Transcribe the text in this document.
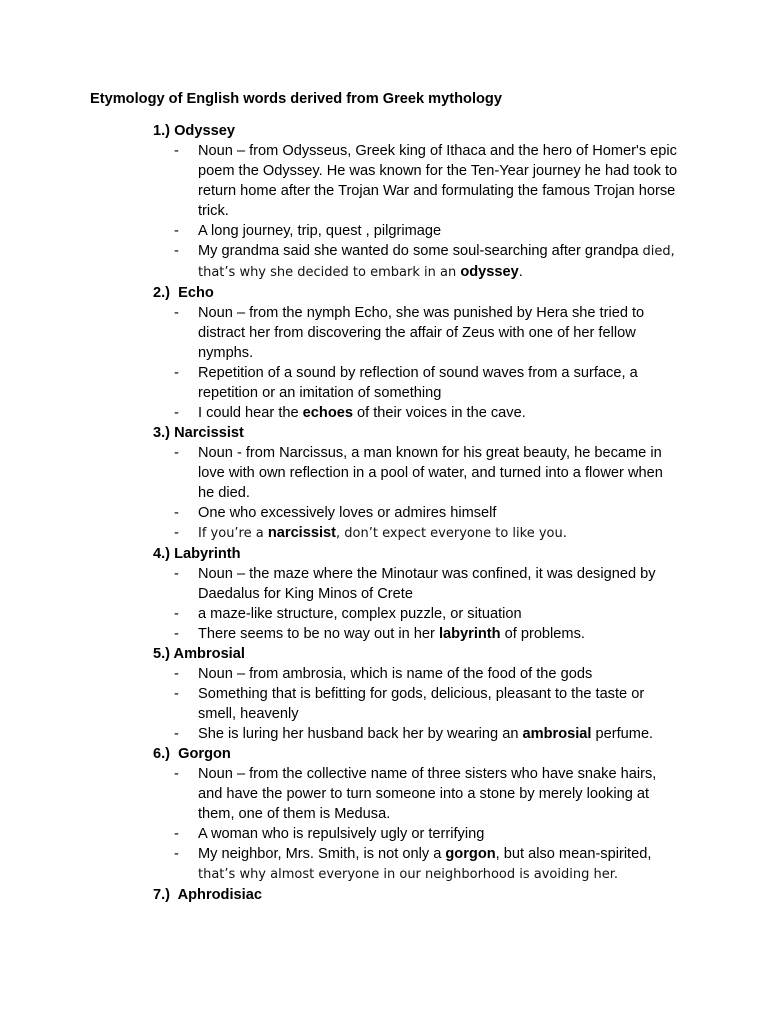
Etymology of English words derived from Greek mythology
1.) Odyssey
- Noun – from Odysseus, Greek king of Ithaca and the hero of Homer's epic poem the Odyssey. He was known for the Ten-Year journey he had took to return home after the Trojan War and formulating the famous Trojan horse trick.
- A long journey, trip, quest , pilgrimage
- My grandma said she wanted do some soul-searching after grandpa died, that’s why she decided to embark in an odyssey.
2.)  Echo
- Noun – from the nymph Echo, she was punished by Hera she tried to distract her from discovering the affair of Zeus with one of her fellow nymphs.
- Repetition of a sound by reflection of sound waves from a surface, a repetition or an imitation of something
- I could hear the echoes of their voices in the cave.
3.) Narcissist
- Noun - from Narcissus, a man known for his great beauty, he became in love with own reflection in a pool of water, and turned into a flower when he died.
- One who excessively loves or admires himself
- If you’re a narcissist, don’t expect everyone to like you.
4.) Labyrinth
- Noun – the maze where the Minotaur was confined, it was designed by Daedalus for King Minos of Crete
- a maze-like structure, complex puzzle, or situation
- There seems to be no way out in her labyrinth of problems.
5.) Ambrosial
- Noun – from ambrosia, which is name of the food of the gods
- Something that is befitting for gods, delicious, pleasant to the taste or smell, heavenly
- She is luring her husband back her by wearing an ambrosial perfume.
6.)  Gorgon
- Noun – from the collective name of three sisters who have snake hairs, and have the power to turn someone into a stone by merely looking at them, one of them is Medusa.
- A woman who is repulsively ugly or terrifying
- My neighbor, Mrs. Smith, is not only a gorgon, but also mean-spirited, that’s why almost everyone in our neighborhood is avoiding her.
7.)  Aphrodisiac
